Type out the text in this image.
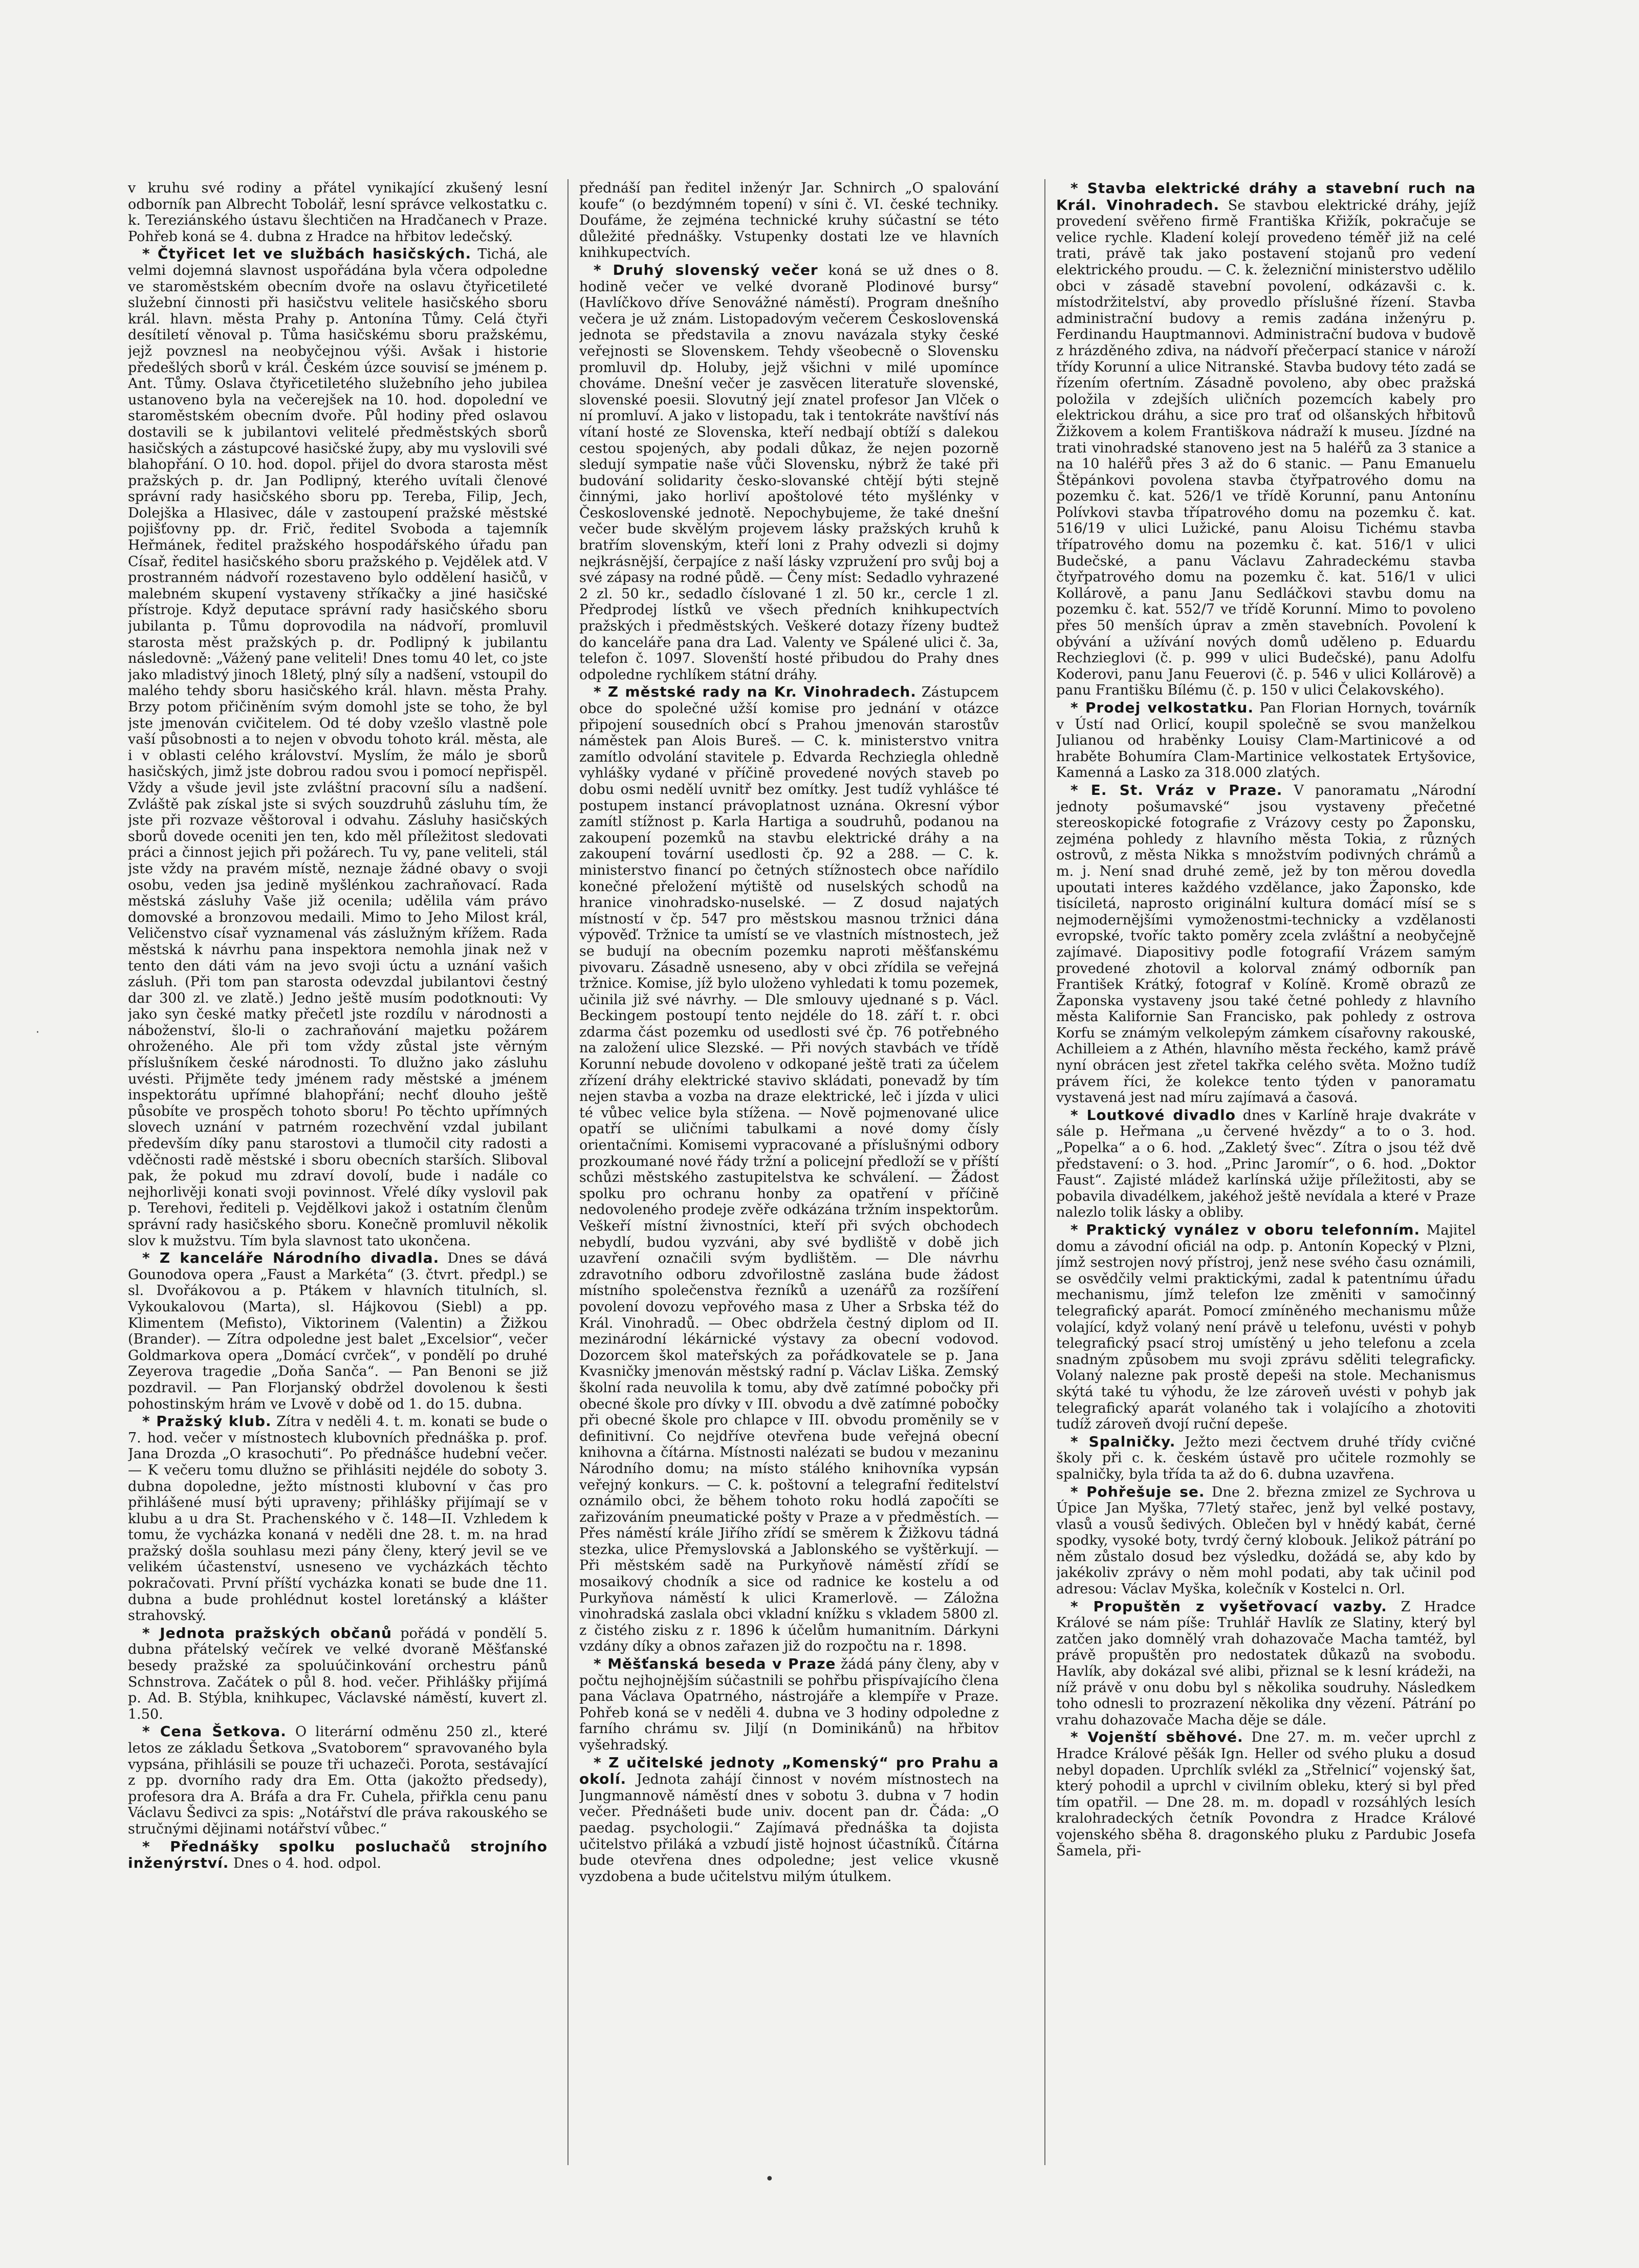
v kruhu své rodiny a přátel vynikající zkušený lesní odborník pan Albrecht Tobolář, lesní správce velkostatku c. k. Tereziánského ústavu šlechtičen na Hradčanech v Praze. Pohřeb koná se 4. dubna z Hradce na hřbitov ledečský.

* Čtyřicet let ve službách hasičských. Tichá, ale velmi dojemná slavnost uspořádána byla včera odpoledne ve staroměstském obecním dvoře na oslavu čtyřicetileté služební činnosti při hasičstvu velitele hasičského sboru král. hlavn. města Prahy p. Antonína Tůmy. Celá čtyři desítiletí věnoval p. Tůma hasičskému sboru pražskému, jejž povznesl na neobyčejnou výši. Avšak i historie předešlých sborů v král. Českém úzce souvisí se jménem p. Ant. Tůmy. Oslava čtyřicetiletého služebního jeho jubilea ustanoveno byla na večerejšek na 10. hod. dopolední ve staroměstském obecním dvoře. Půl hodiny před oslavou dostavili se k jubilantovi velitelé předměstských sborů hasičských a zástupcové hasičské župy, aby mu vyslovili své blahopřání. O 10. hod. dopol. přijel do dvora starosta měst pražských p. dr. Jan Podlipný, kterého uvítali členové správní rady hasičského sboru pp. Tereba, Filip, Jech, Dolejška a Hlasivec, dále v zastoupení pražské městské pojišťovny pp. dr. Frič, ředitel Svoboda a tajemník Heřmánek, ředitel pražského hospodářského úřadu pan Císař, ředitel hasičského sboru pražského p. Vejdělek atd. V prostranném nádvoří rozestaveno bylo oddělení hasičů, v malebném skupení vystaveny stříkačky a jiné hasičské přístroje. Když deputace správní rady hasičského sboru jubilanta p. Tůmu doprovodila na nádvoří, promluvil starosta měst pražských p. dr. Podlipný k jubilantu následovně: „Vážený pane veliteli! Dnes tomu 40 let, co jste jako mladistvý jinoch 18letý, plný síly a nadšení, vstoupil do malého tehdy sboru hasičského král. hlavn. města Prahy. Brzy potom přičiněním svým domohl jste se toho, že byl jste jmenován cvičitelem. Od té doby vzešlo vlastně pole vaší působnosti a to nejen v obvodu tohoto král. města, ale i v oblasti celého království. Myslím, že málo je sborů hasičských, jimž jste dobrou radou svou i pomocí nepřispěl. Vždy a všude jevil jste zvláštní pracovní sílu a nadšení. Zvláště pak získal jste si svých souzdruhů zásluhu tím, že jste při rozvaze věštoroval i odvahu. Zásluhy hasičských sborů dovede oceniti jen ten, kdo měl příležitost sledovati práci a činnost jejich při požárech. Tu vy, pane veliteli, stál jste vždy na pravém místě, neznaje žádné obavy o svoji osobu, veden jsa jedině myšlénkou zachraňovací. Rada městská zásluhy Vaše již ocenila; udělila vám právo domovské a bronzovou medaili. Mimo to Jeho Milost král, Veličenstvo císař vyznamenal vás záslužným křížem. Rada městská k návrhu pana inspektora nemohla jinak než v tento den dáti vám na jevo svoji úctu a uznání vašich zásluh. (Při tom pan starosta odevzdal jubilantovi čestný dar 300 zl. ve zlatě.) Jedno ještě musím podotknouti: Vy jako syn české matky přečetl jste rozdílu v národnosti a náboženství, šlo-li o zachraňování majetku požárem ohroženého. Ale při tom vždy zůstal jste věrným příslušníkem české národnosti. To dlužno jako zásluhu uvésti. Přijměte tedy jménem rady městské a jménem inspektorátu upřímné blahopřání; nechť dlouho ještě působíte ve prospěch tohoto sboru! Po těchto upřímných slovech uznání v patrném rozechvění vzdal jubilant především díky panu starostovi a tlumočil city radosti a vděčnosti radě městské i sboru obecních starších. Sliboval pak, že pokud mu zdraví dovolí, bude i nadále co nejhorlivěji konati svoji povinnost. Vřelé díky vyslovil pak p. Terehovi, řediteli p. Vejdělkovi jakož i ostatním členům správní rady hasičského sboru. Konečně promluvil několik slov k mužstvu. Tím byla slavnost tato ukončena.

* Z kanceláře Národního divadla. Dnes se dává Gounodova opera „Faust a Markéta“ (3. čtvrt. předpl.) se sl. Dvořákovou a p. Ptákem v hlavních titulních, sl. Vykoukalovou (Marta), sl. Hájkovou (Siebl) a pp. Klimentem (Mefisto), Viktorinem (Valentin) a Žižkou (Brander). — Zítra odpoledne jest balet „Excelsior“, večer Goldmarkova opera „Domácí cvrček“, v pondělí po druhé Zeyerova tragedie „Doňa Sanča“. — Pan Benoni se již pozdravil. — Pan Florjanský obdržel dovolenou k šesti pohostinským hrám ve Lvově v době od 1. do 15. dubna.

* Pražský klub. Zítra v neděli 4. t. m. konati se bude o 7. hod. večer v místnostech klubovních přednáška p. prof. Jana Drozda „O krasochuti“. Po přednášce hudební večer. — K večeru tomu dlužno se přihlásiti nejdéle do soboty 3. dubna dopoledne, ježto místnosti klubovní v čas pro přihlášené musí býti upraveny; přihlášky přijímají se v klubu a u dra St. Prachenského v č. 148—II. Vzhledem k tomu, že vycházka konaná v neděli dne 28. t. m. na hrad pražský došla souhlasu mezi pány členy, který jevil se ve velikém účastenství, usneseno ve vycházkách těchto pokračovati. První příští vycházka konati se bude dne 11. dubna a bude prohlédnut kostel loretánský a klášter strahovský.

* Jednota pražských občanů pořádá v pondělí 5. dubna přátelský večírek ve velké dvoraně Měšťanské besedy pražské za spoluúčinkování orchestru pánů Schnstrova. Začátek o půl 8. hod. večer. Přihlášky přijímá p. Ad. B. Stýbla, knihkupec, Václavské náměstí, kuvert zl. 1.50.

* Cena Šetkova. O literární odměnu 250 zl., které letos ze základu Šetkova „Svatoborem“ spravovaného byla vypsána, přihlásili se pouze tři uchazeči. Porota, sestávající z pp. dvorního rady dra Em. Otta (jakožto předsedy), profesora dra A. Bráfa a dra Fr. Cuhela, přiřkla cenu panu Václavu Šedivci za spis: „Notářství dle práva rakouského se stručnými dějinami notářství vůbec.“

* Přednášky spolku posluchačů strojního inženýrství. Dnes o 4. hod. odpol.

přednáší pan ředitel inženýr Jar. Schnirch „O spalování koufe“ (o bezdýmném topení) v síni č. VI. české techniky. Doufáme, že zejména technické kruhy súčastní se této důležité přednášky. Vstupenky dostati lze ve hlavních knihkupectvích.

* Druhý slovenský večer koná se už dnes o 8. hodině večer ve velké dvoraně Plodinové bursy“ (Havlíčkovo dříve Senovážné náměstí). Program dnešního večera je už znám. Listopadovým večerem Československá jednota se představila a znovu navázala styky české veřejnosti se Slovenskem. Tehdy všeobecně o Slovensku promluvil dp. Holuby, jejž všichni v milé upomínce chováme. Dnešní večer je zasvěcen literatuře slovenské, slovenské poesii. Slovutný její znatel profesor Jan Vlček o ní promluví. A jako v listopadu, tak i tentokráte navštíví nás vítaní hosté ze Slovenska, kteří nedbají obtíží s dalekou cestou spojených, aby podali důkaz, že nejen pozorně sledují sympatie naše vůči Slovensku, nýbrž že také při budování solidarity česko-slovanské chtějí býti stejně činnými, jako horliví apoštolové této myšlénky v Československé jednotě. Nepochybujeme, že také dnešní večer bude skvělým projevem lásky pražských kruhů k bratřím slovenským, kteří loni z Prahy odvezli si dojmy nejkrásnější, čerpajíce z naší lásky vzpružení pro svůj boj a své zápasy na rodné půdě. — Čeny míst: Sedadlo vyhrazené 2 zl. 50 kr., sedadlo číslované 1 zl. 50 kr., cercle 1 zl. Předprodej lístků ve všech předních knihkupectvích pražských i předměstských. Veškeré dotazy řízeny budtež do kanceláře pana dra Lad. Valenty ve Spálené ulici č. 3a, telefon č. 1097. Slovenští hosté přibudou do Prahy dnes odpoledne rychlíkem státní dráhy.

* Z městské rady na Kr. Vinohradech. Zástupcem obce do společné užší komise pro jednání v otázce připojení sousedních obcí s Prahou jmenován starostův náměstek pan Alois Bureš. — C. k. ministerstvo vnitra zamítlo odvolání stavitele p. Edvarda Rechziegla ohledně vyhlášky vydané v příčině provedené nových staveb po dobu osmi nedělí uvnitř bez omítky. Jest tudíž vyhlášce té postupem instancí právoplatnost uznána. Okresní výbor zamítl stížnost p. Karla Hartiga a soudruhů, podanou na zakoupení pozemků na stavbu elektrické dráhy a na zakoupení tovární usedlosti čp. 92 a 288. — C. k. ministerstvo financí po četných stížnostech obce nařídilo konečné přeložení mýtiště od nuselských schodů na hranice vinohradsko-nuselské. — Z dosud najatých místností v čp. 547 pro městskou masnou tržnici dána výpověď. Tržnice ta umístí se ve vlastních místnostech, jež se budují na obecním pozemku naproti měšťanskému pivovaru. Zásadně usneseno, aby v obci zřídila se veřejná tržnice. Komise, jíž bylo uloženo vyhledati k tomu pozemek, učinila již své návrhy. — Dle smlouvy ujednané s p. Václ. Beckingem postoupí tento nejdéle do 18. září t. r. obci zdarma část pozemku od usedlosti své čp. 76 potřebného na založení ulice Slezské. — Při nových stavbách ve třídě Korunní nebude dovoleno v odkopané ještě trati za účelem zřízení dráhy elektrické stavivo skládati, ponevadž by tím nejen stavba a vozba na draze elektrické, leč i jízda v ulici té vůbec velice byla stížena. — Nově pojmenované ulice opatří se uličními tabulkami a nové domy čísly orientačními. Komisemi vypracované a příslušnými odbory prozkoumané nové řády tržní a policejní předloží se v příští schůzi městského zastupitelstva ke schválení. — Žádost spolku pro ochranu honby za opatření v příčině nedovoleného prodeje zvěře odkázána tržním inspektorům. Veškeří místní živnostníci, kteří při svých obchodech nebydlí, budou vyzváni, aby své bydliště v době jich uzavření označili svým bydlištěm. — Dle návrhu zdravotního odboru zdvořilostně zaslána bude žádost místního společenstva řezníků a uzenářů za rozšíření povolení dovozu vepřového masa z Uher a Srbska též do Král. Vinohradů. — Obec obdržela čestný diplom od II. mezinárodní lékárnické výstavy za obecní vodovod. Dozorcem škol mateřských za pořádkovatele se p. Jana Kvasničky jmenován městský radní p. Václav Liška. Zemský školní rada neuvolila k tomu, aby dvě zatímné pobočky při obecné škole pro dívky v III. obvodu a dvě zatímné pobočky při obecné škole pro chlapce v III. obvodu proměnily se v definitivní. Co nejdříve otevřena bude veřejná obecní knihovna a čítárna. Místnosti nalézati se budou v mezaninu Národního domu; na místo stálého knihovníka vypsán veřejný konkurs. — C. k. poštovní a telegrafní ředitelství oznámilo obci, že během tohoto roku hodlá započíti se zařizováním pneumatické pošty v Praze a v předměstích. — Přes náměstí krále Jiřího zřídí se směrem k Žižkovu tádná stezka, ulice Přemyslovská a Jablonského se vyštěrkují. — Při městském sadě na Purkyňově náměstí zřídí se mosaikový chodník a sice od radnice ke kostelu a od Purkyňova náměstí k ulici Kramerlově. — Záložna vinohradská zaslala obci vkladní knížku s vkladem 5800 zl. z čistého zisku z r. 1896 k účelům humanitním. Dárkyni vzdány díky a obnos zařazen již do rozpočtu na r. 1898.

* Měšťanská beseda v Praze žádá pány členy, aby v počtu nejhojnějším súčastnili se pohřbu přispívajícího člena pana Václava Opatrného, nástrojáře a klempíře v Praze. Pohřeb koná se v neděli 4. dubna ve 3 hodiny odpoledne z farního chrámu sv. Jiljí (n Dominikánů) na hřbitov vyšehradský.

* Z učitelské jednoty „Komenský“ pro Prahu a okolí. Jednota zahájí činnost v novém místnostech na Jungmannově náměstí dnes v sobotu 3. dubna v 7 hodin večer. Přednášeti bude univ. docent pan dr. Čáda: „O paedag. psychologii.“ Zajímavá přednáška ta dojista učitelstvo přiláká a vzbudí jistě hojnost účastníků. Čítárna bude otevřena dnes odpoledne; jest velice vkusně vyzdobena a bude učitelstvu milým útulkem.

* Stavba elektrické dráhy a stavební ruch na Král. Vinohradech. Se stavbou elektrické dráhy, jejíž provedení svěřeno firmě Františka Křižík, pokračuje se velice rychle. Kladení kolejí provedeno téměř již na celé trati, právě tak jako postavení stojanů pro vedení elektrického proudu. — C. k. železniční ministerstvo udělilo obci v zásadě stavební povolení, odkázavši c. k. místodržitelství, aby provedlo příslušné řízení. Stavba administrační budovy a remis zadána inženýru p. Ferdinandu Hauptmannovi. Administrační budova v budově z hrázděného zdiva, na nádvoří přečerpací stanice v nároží třídy Korunní a ulice Nitranské. Stavba budovy této zadá se řízením ofertním. Zásadně povoleno, aby obec pražská položila v zdejších uličních pozemcích kabely pro elektrickou dráhu, a sice pro trať od olšanských hřbitovů Žižkovem a kolem Františkova nádraží k museu. Jízdné na trati vinohradské stanoveno jest na 5 haléřů za 3 stanice a na 10 haléřů přes 3 až do 6 stanic. — Panu Emanuelu Štěpánkovi povolena stavba čtyřpatrového domu na pozemku č. kat. 526/1 ve třídě Korunní, panu Antonínu Polívkovi stavba třípatrového domu na pozemku č. kat. 516/19 v ulici Lužické, panu Aloisu Tichému stavba třípatrového domu na pozemku č. kat. 516/1 v ulici Budečské, a panu Václavu Zahradeckému stavba čtyřpatrového domu na pozemku č. kat. 516/1 v ulici Kollárově, a panu Janu Sedláčkovi stavbu domu na pozemku č. kat. 552/7 ve třídě Korunní. Mimo to povoleno přes 50 menších úprav a změn stavebních. Povolení k obývání a užívání nových domů uděleno p. Eduardu Rechzieglovi (č. p. 999 v ulici Budečské), panu Adolfu Koderovi, panu Janu Feuerovi (č. p. 546 v ulici Kollárově) a panu Františku Bílému (č. p. 150 v ulici Čelakovského).

* Prodej velkostatku. Pan Florian Hornych, továrník v Ústí nad Orlicí, koupil společně se svou manželkou Julianou od hraběnky Louisy Clam-Martinicové a od hraběte Bohumíra Clam-Martinice velkostatek Ertyšovice, Kamenná a Lasko za 318.000 zlatých.

* E. St. Vráz v Praze. V panoramatu „Národní jednoty pošumavské“ jsou vystaveny přečetné stereoskopické fotografie z Vrázovy cesty po Žaponsku, zejména pohledy z hlavního města Tokia, z různých ostrovů, z města Nikka s množstvím podivných chrámů a m. j. Není snad druhé země, jež by ton měrou dovedla upoutati interes každého vzdělance, jako Žaponsko, kde tisíciletá, naprosto originální kultura domácí mísí se s nejmodernějšími vymoženostmi-technicky a vzdělanosti evropské, tvoříc takto poměry zcela zvláštní a neobyčejně zajímavé. Diapositivy podle fotografií Vrázem samým provedené zhotovil a kolorval známý odborník pan František Krátký, fotograf v Kolíně. Kromě obrazů ze Žaponska vystaveny jsou také četné pohledy z hlavního města Kalifornie San Francisko, pak pohledy z ostrova Korfu se známým velkolepým zámkem císařovny rakouské, Achilleiem a z Athén, hlavního města řeckého, kamž právě nyní obrácen jest zřetel takřka celého světa. Možno tudíž právem říci, že kolekce tento týden v panoramatu vystavená jest nad míru zajímavá a časová.

* Loutkové divadlo dnes v Karlíně hraje dvakráte v sále p. Heřmana „u červené hvězdy“ a to o 3. hod. „Popelka“ a o 6. hod. „Zakletý švec“. Zítra o jsou též dvě představení: o 3. hod. „Princ Jaromír“, o 6. hod. „Doktor Faust“. Zajisté mládež karlínská užije příležitosti, aby se pobavila divadélkem, jakéhož ještě nevídala a které v Praze nalezlo tolik lásky a obliby.

* Praktický vynález v oboru telefonním. Majitel domu a závodní oficiál na odp. p. Antonín Kopecký v Plzni, jímž sestrojen nový přístroj, jenž nese svého času oznámili, se osvědčily velmi praktickými, zadal k patentnímu úřadu mechanismu, jímž telefon lze změniti v samočinný telegrafický aparát. Pomocí zmíněného mechanismu může volající, když volaný není právě u telefonu, uvésti v pohyb telegrafický psací stroj umístěný u jeho telefonu a zcela snadným způsobem mu svoji zprávu sděliti telegraficky. Volaný nalezne pak prostě depeši na stole. Mechanismus skýtá také tu výhodu, že lze zároveň uvésti v pohyb jak telegrafický aparát volaného tak i volajícího a zhotoviti tudíž zároveň dvojí ruční depeše.

* Spalničky. Ježto mezi čectvem druhé třídy cvičné školy při c. k. českém ústavě pro učitele rozmohly se spalničky, byla třída ta až do 6. dubna uzavřena.

* Pohřešuje se. Dne 2. března zmizel ze Sychrova u Úpice Jan Myška, 77letý stařec, jenž byl velké postavy, vlasů a vousů šedivých. Oblečen byl v hnědý kabát, černé spodky, vysoké boty, tvrdý černý klobouk. Jelikož pátrání po něm zůstalo dosud bez výsledku, dožádá se, aby kdo by jakékoliv zprávy o něm mohl podati, aby tak učinil pod adresou: Václav Myška, kolečník v Kostelci n. Orl.

* Propuštěn z vyšetřovací vazby. Z Hradce Králové se nám píše: Truhlář Havlík ze Slatiny, který byl zatčen jako domnělý vrah dohazovače Macha tamtéž, byl právě propuštěn pro nedostatek důkazů na svobodu. Havlík, aby dokázal své alibi, přiznal se k lesní krádeži, na níž právě v onu dobu byl s několika soudruhy. Následkem toho odnesli to prozrazení několika dny vězení. Pátrání po vrahu dohazovače Macha děje se dále.

* Vojenští sběhové. Dne 27. m. m. večer uprchl z Hradce Králové pěšák Ign. Heller od svého pluku a dosud nebyl dopaden. Uprchlík svlékl za „Střelnicí“ vojenský šat, který pohodil a uprchl v civilním obleku, který si byl před tím opatřil. — Dne 28. m. m. dopadl v rozsáhlých lesích kralohradeckých četník Povondra z Hradce Králové vojenského sběha 8. dragonského pluku z Pardubic Josefa Šamela, při-

•
·
